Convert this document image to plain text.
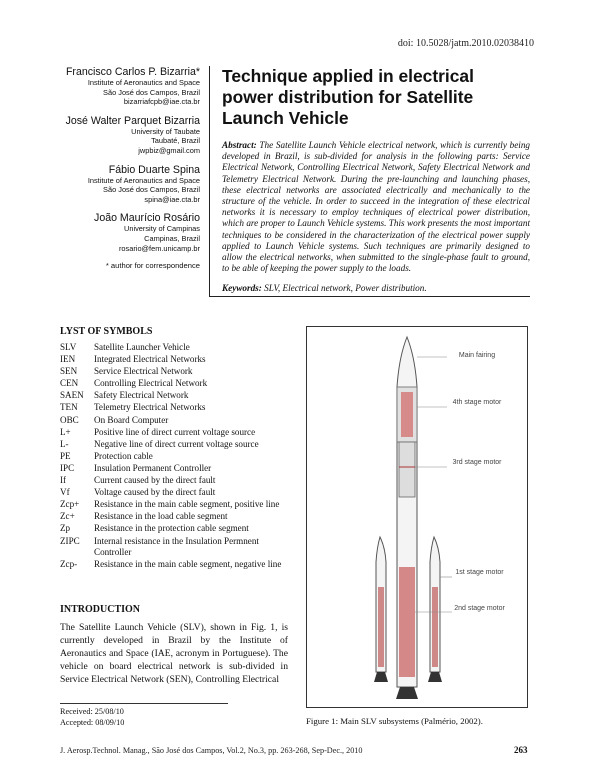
doi: 10.5028/jatm.2010.02038410
Francisco Carlos P. Bizarria*
Institute of Aeronautics and Space
São José dos Campos, Brazil
bizarriafcpb@iae.cta.br
José Walter Parquet Bizarria
University of Taubate
Taubaté, Brazil
jwpbiz@gmail.com
Fábio Duarte Spina
Institute of Aeronautics and Space
São José dos Campos, Brazil
spina@iae.cta.br
João Maurício Rosário
University of Campinas
Campinas, Brazil
rosario@fem.unicamp.br
* author for correspondence
Technique applied in electrical power distribution for Satellite Launch Vehicle
Abstract: The Satellite Launch Vehicle electrical network, which is currently being developed in Brazil, is sub-divided for analysis in the following parts: Service Electrical Network, Controlling Electrical Network, Safety Electrical Network and Telemetry Electrical Network. During the pre-launching and launching phases, these electrical networks are associated electrically and mechanically to the structure of the vehicle. In order to succeed in the integration of these electrical networks it is necessary to employ techniques of electrical power distribution, which are proper to Launch Vehicle systems. This work presents the most important techniques to be considered in the characterization of the electrical power supply applied to Launch Vehicle systems. Such techniques are primarily designed to allow the electrical networks, when submitted to the single-phase fault to ground, to be able of keeping the power supply to the loads.
Keywords: SLV, Electrical network, Power distribution.
LYST OF SYMBOLS
SLV	Satellite Launcher Vehicle
IEN	Integrated Electrical Networks
SEN	Service Electrical Network
CEN	Controlling Electrical Network
SAEN	Safety Electrical Network
TEN	Telemetry Electrical Networks
OBC	On Board Computer
L+	Positive line of direct current voltage source
L-	Negative line of direct current voltage source
PE	Protection cable
IPC	Insulation Permanent Controller
If	Current caused by the direct fault
Vf	Voltage caused by the direct fault
Zcp+	Resistance in the main cable segment, positive line
Zc+	Resistance in the load cable segment
Zp	Resistance in the protection cable segment
ZIPC	Internal resistance in the Insulation Permnent Controller
Zcp-	Resistance in the main cable segment, negative line
INTRODUCTION
The Satellite Launch Vehicle (SLV), shown in Fig. 1, is currently developed in Brazil by the Institute of Aeronautics and Space (IAE, acronym in Portuguese). The vehicle on board electrical network is sub-divided in Service Electrical Network (SEN), Controlling Electrical
Received: 25/08/10
Accepted: 08/09/10
Main fairing
4th stage motor
3rd stage motor
1st stage motor
2nd stage motor
Figure 1: Main SLV subsystems (Palmério, 2002).
J. Aerosp.Technol. Manag., São José dos Campos, Vol.2, No.3, pp. 263-268, Sep-Dec., 2010	263
